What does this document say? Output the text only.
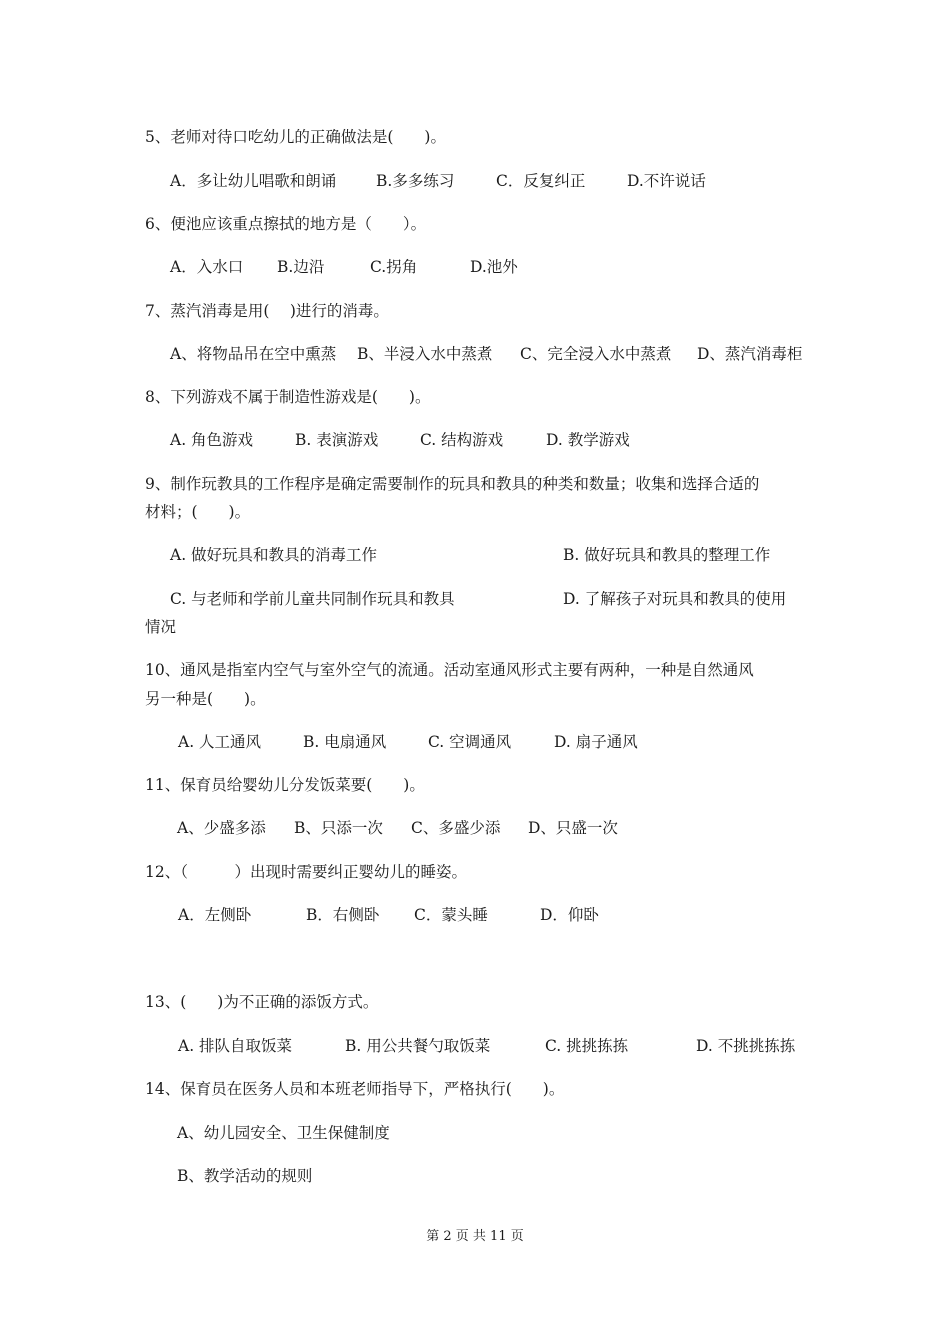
5、老师对待口吃幼儿的正确做法是(　　)。
A．多让幼儿唱歌和朗诵	B.多多练习	C．反复纠正	D.不许说话
6、便池应该重点擦拭的地方是（　　）。
A．入水口 B.边沿	C.拐角	D.池外
7、蒸汽消毒是用(　 )进行的消毒。
A、将物品吊在空中熏蒸 B、半浸入水中蒸煮 C、完全浸入水中蒸煮 D、蒸汽消毒柜
8、下列游戏不属于制造性游戏是(　　)。
A. 角色游戏	B. 表演游戏	C. 结构游戏	D. 教学游戏
9、制作玩教具的工作程序是确定需要制作的玩具和教具的种类和数量；收集和选择合适的
材料；(　　)。
A. 做好玩具和教具的消毒工作	B. 做好玩具和教具的整理工作
C. 与老师和学前儿童共同制作玩具和教具	D. 了解孩子对玩具和教具的使用
情况
10、通风是指室内空气与室外空气的流通。活动室通风形式主要有两种，一种是自然通风
另一种是(　　)。
A. 人工通风	B. 电扇通风	C. 空调通风	D. 扇子通风
11、保育员给婴幼儿分发饭菜要(　　)。
A、少盛多添 B、只添一次 C、多盛少添 D、只盛一次
12、（　　　）出现时需要纠正婴幼儿的睡姿。
A．左侧卧	B．右侧卧 C．蒙头睡	D．仰卧
13、(　　)为不正确的添饭方式。
A. 排队自取饭菜	B. 用公共餐勺取饭菜	C. 挑挑拣拣	D. 不挑挑拣拣
14、保育员在医务人员和本班老师指导下，严格执行(　　)。
A、幼儿园安全、卫生保健制度
B、教学活动的规则
第 2 页 共 11 页
